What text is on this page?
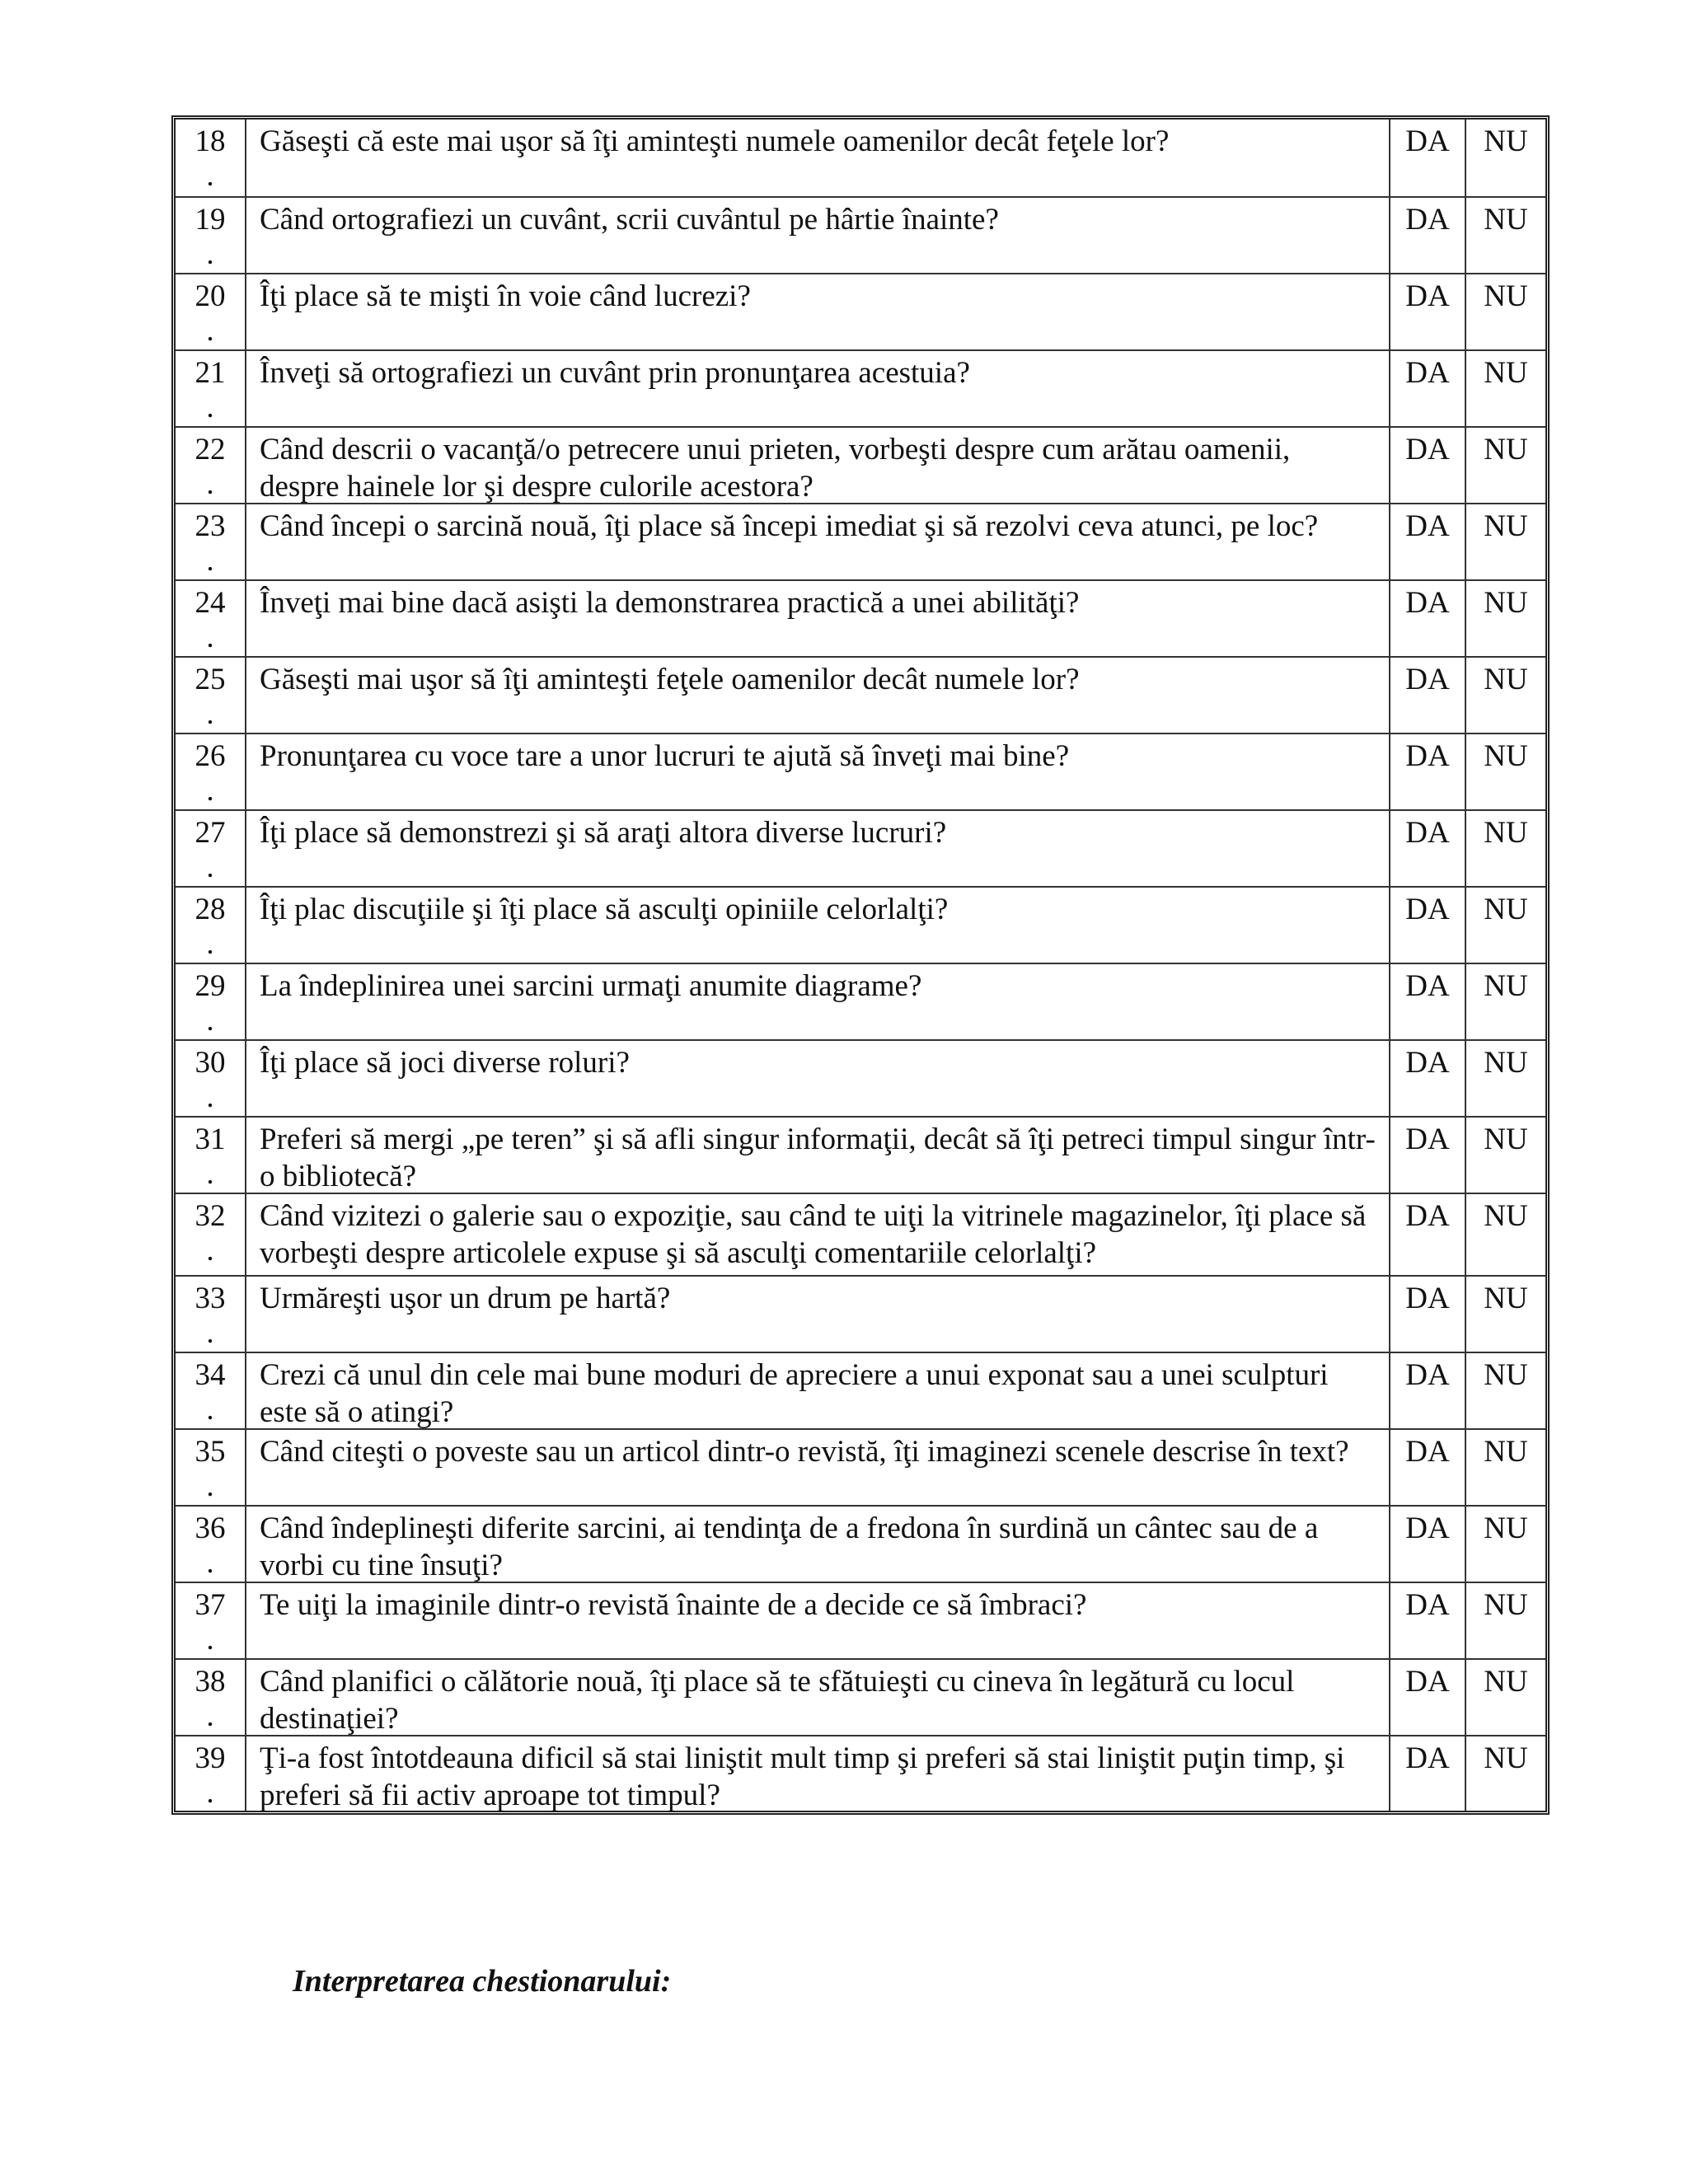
18
.
Găseşti că este mai uşor să îţi aminteşti numele oamenilor decât feţele lor?	DA	NU
19
.
Când ortografiezi un cuvânt, scrii cuvântul pe hârtie înainte?	DA	NU
20
.
Îţi place să te mişti în voie când lucrezi?	DA	NU
21
.
Înveţi să ortografiezi un cuvânt prin pronunţarea acestuia?	DA	NU
22
.
Când descrii o vacanţă/o petrecere unui prieten, vorbeşti despre cum arătau oamenii, despre hainele lor şi despre culorile acestora?
DA	NU
23
.
Când începi o sarcină nouă, îţi place să începi imediat şi să rezolvi ceva atunci, pe loc?	DA	NU
24
.
Înveţi mai bine dacă asişti la demonstrarea practică a unei abilităţi?	DA	NU
25
.
Găseşti mai uşor să îţi aminteşti feţele oamenilor decât numele lor?	DA	NU
26
.
Pronunţarea cu voce tare a unor lucruri te ajută să înveţi mai bine?	DA	NU
27
.
Îţi place să demonstrezi şi să araţi altora diverse lucruri?	DA	NU
28
.
Îţi plac discuţiile şi îţi place să asculţi opiniile celorlalţi?	DA	NU
29
.
La îndeplinirea unei sarcini urmaţi anumite diagrame?	DA	NU
30
.
Îţi place să joci diverse roluri?	DA	NU
31
.
Preferi să mergi „pe teren” şi să afli singur informaţii, decât să îţi petreci timpul singur într-o bibliotecă?
DA	NU
32
.
Când vizitezi o galerie sau o expoziţie, sau când te uiţi la vitrinele magazinelor, îţi place să vorbeşti despre articolele expuse şi să asculţi comentariile celorlalţi?
DA	NU
33
.
Urmăreşti uşor un drum pe hartă?	DA	NU
34
.
Crezi că unul din cele mai bune moduri de apreciere a unui exponat sau a unei sculpturi este să o atingi?
DA	NU
35
.
Când citeşti o poveste sau un articol dintr-o revistă, îţi imaginezi scenele descrise în text?	DA	NU
36
.
Când îndeplineşti diferite sarcini, ai tendinţa de a fredona în surdină un cântec sau de a vorbi cu tine însuţi?
DA	NU
37
.
Te uiţi la imaginile dintr-o revistă înainte de a decide ce să îmbraci?	DA	NU
38
.
Când planifici o călătorie nouă, îţi place să te sfătuieşti cu cineva în legătură cu locul destinaţiei?
DA	NU
39
.
Ţi-a fost întotdeauna dificil să stai liniştit mult timp şi preferi să stai liniştit puţin timp, şi preferi să fii activ aproape tot timpul?
DA	NU
Interpretarea chestionarului:
